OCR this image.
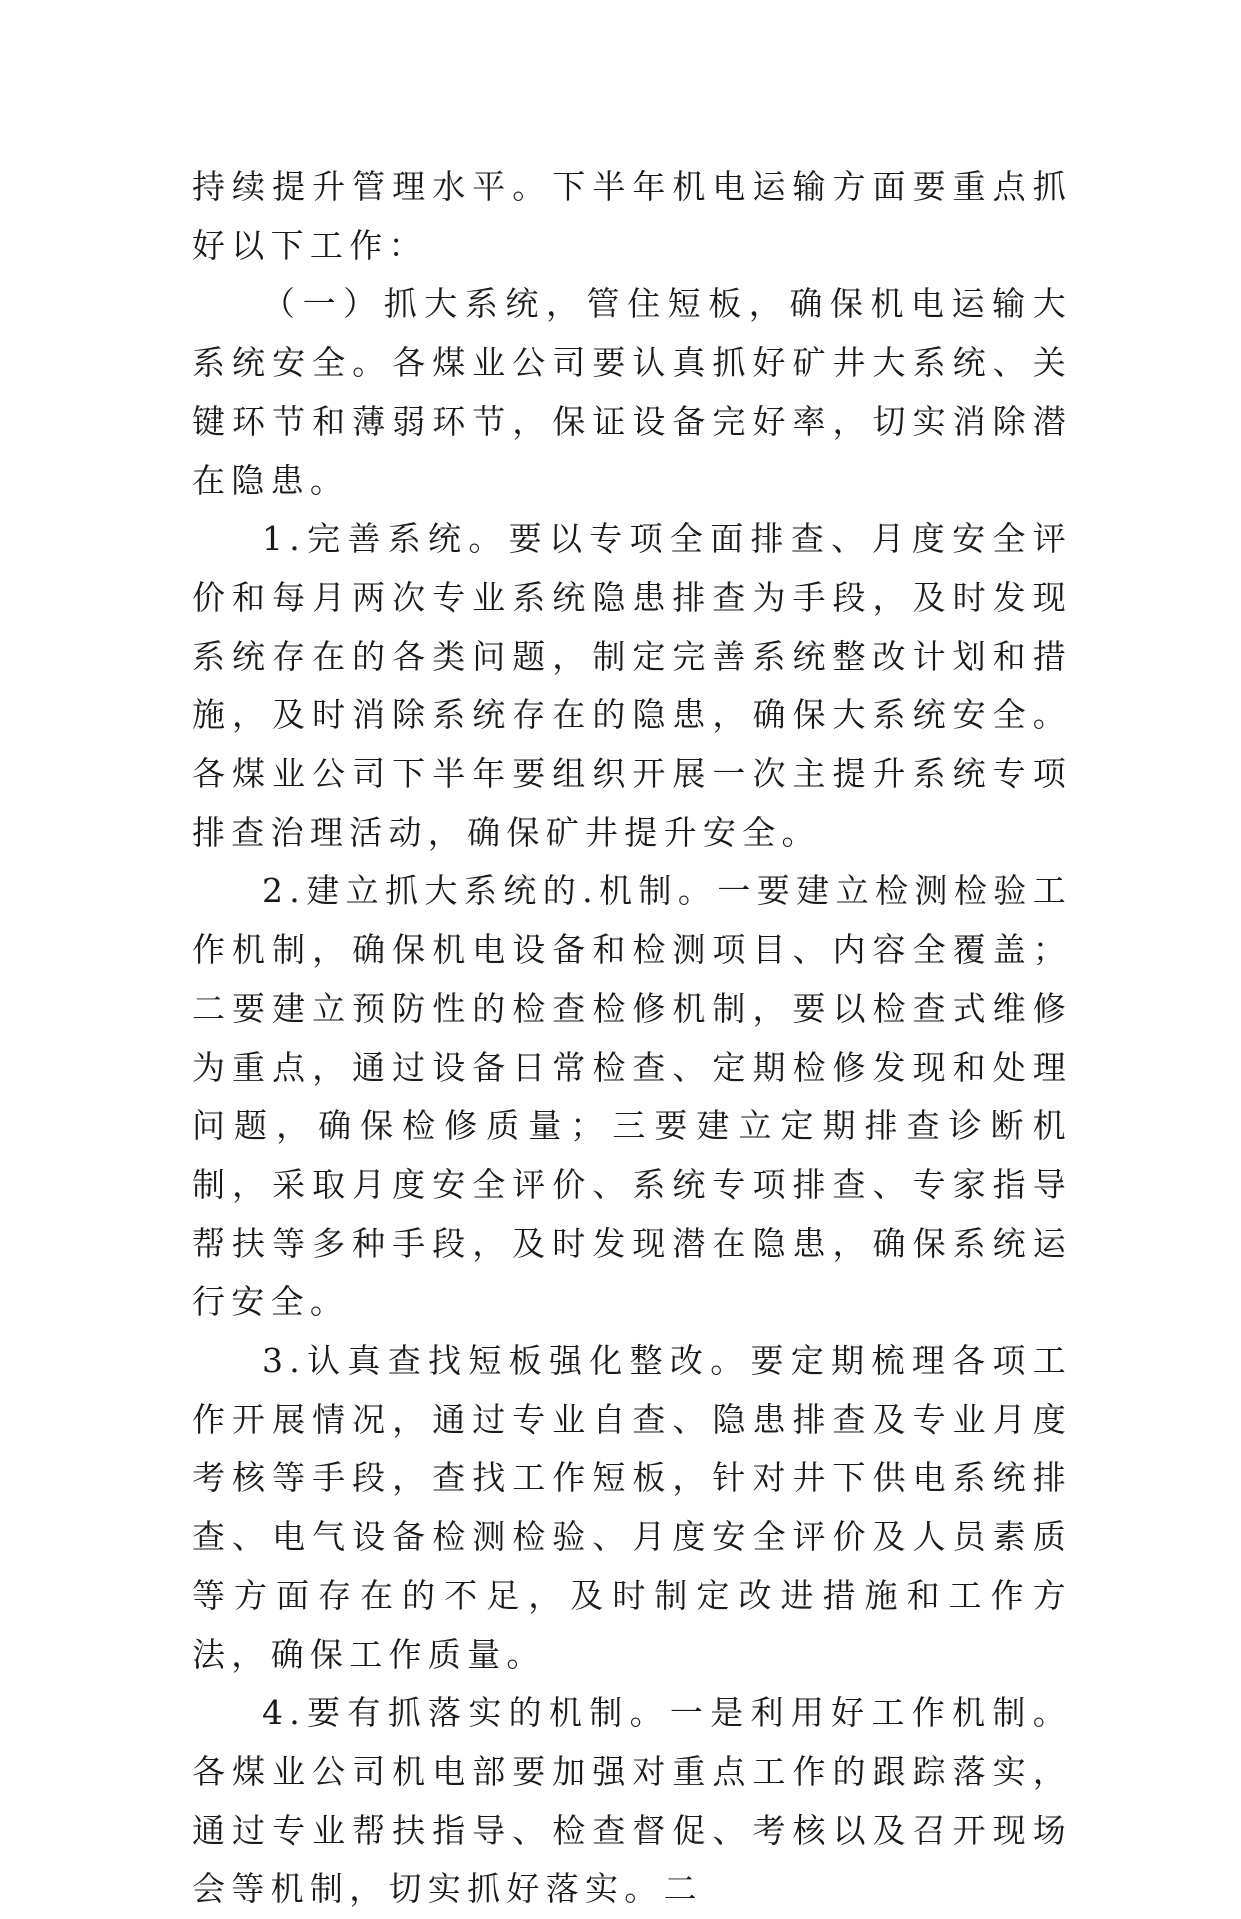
持续提升管理水平。下半年机电运输方面要重点抓好以下工作：

（一）抓大系统，管住短板，确保机电运输大系统安全。各煤业公司要认真抓好矿井大系统、关键环节和薄弱环节，保证设备完好率，切实消除潜在隐患。

1.完善系统。要以专项全面排查、月度安全评价和每月两次专业系统隐患排查为手段，及时发现系统存在的各类问题，制定完善系统整改计划和措施，及时消除系统存在的隐患，确保大系统安全。各煤业公司下半年要组织开展一次主提升系统专项排查治理活动，确保矿井提升安全。

2.建立抓大系统的.机制。一要建立检测检验工作机制，确保机电设备和检测项目、内容全覆盖；二要建立预防性的检查检修机制，要以检查式维修为重点，通过设备日常检查、定期检修发现和处理问题，确保检修质量；三要建立定期排查诊断机制，采取月度安全评价、系统专项排查、专家指导帮扶等多种手段，及时发现潜在隐患，确保系统运行安全。

3.认真查找短板强化整改。要定期梳理各项工作开展情况，通过专业自查、隐患排查及专业月度考核等手段，查找工作短板，针对井下供电系统排查、电气设备检测检验、月度安全评价及人员素质等方面存在的不足，及时制定改进措施和工作方法，确保工作质量。

4.要有抓落实的机制。一是利用好工作机制。各煤业公司机电部要加强对重点工作的跟踪落实，通过专业帮扶指导、检查督促、考核以及召开现场会等机制，切实抓好落实。二
